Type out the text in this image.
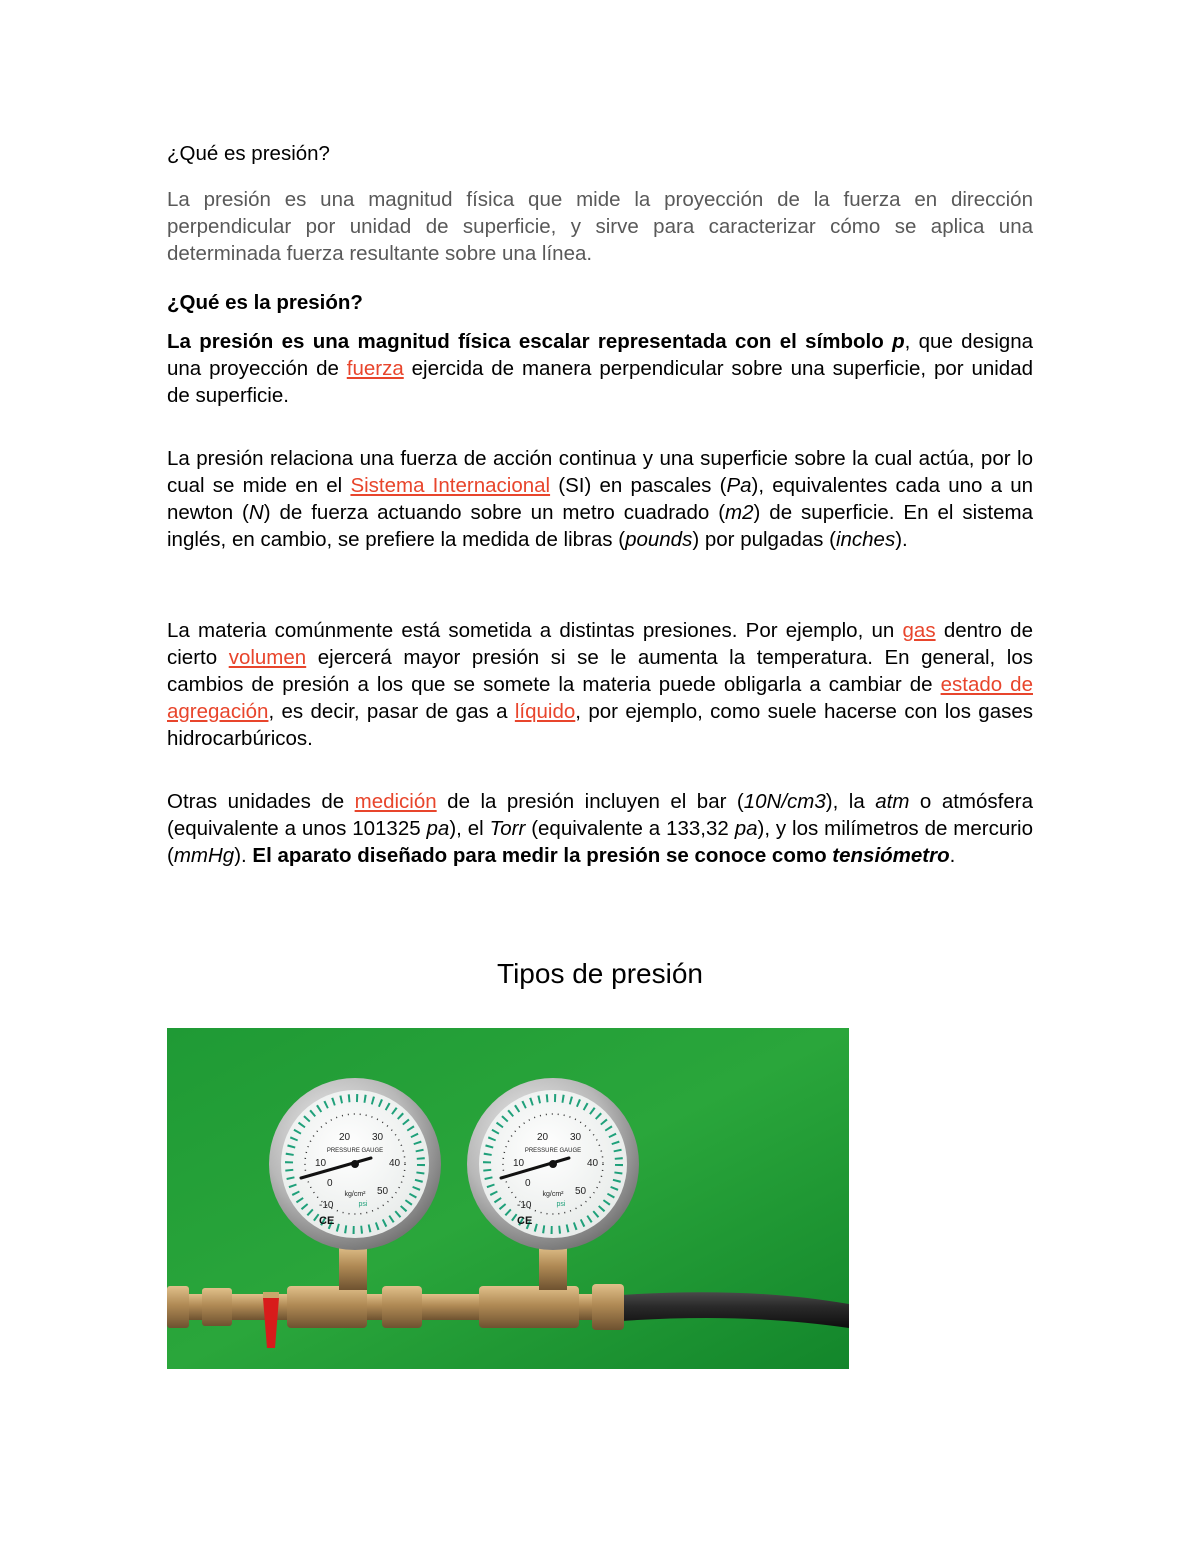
¿Qué es presión?

La presión es una magnitud física que mide la proyección de la fuerza en dirección perpendicular por unidad de superficie, y sirve para caracterizar cómo se aplica una determinada fuerza resultante sobre una línea.

¿Qué es la presión?

La presión es una magnitud física escalar representada con el símbolo p, que designa una proyección de fuerza ejercida de manera perpendicular sobre una superficie, por unidad de superficie.

La presión relaciona una fuerza de acción continua y una superficie sobre la cual actúa, por lo cual se mide en el Sistema Internacional (SI) en pascales (Pa), equivalentes cada uno a un newton (N) de fuerza actuando sobre un metro cuadrado (m2) de superficie. En el sistema inglés, en cambio, se prefiere la medida de libras (pounds) por pulgadas (inches).

La materia comúnmente está sometida a distintas presiones. Por ejemplo, un gas dentro de cierto volumen ejercerá mayor presión si se le aumenta la temperatura. En general, los cambios de presión a los que se somete la materia puede obligarla a cambiar de estado de agregación, es decir, pasar de gas a líquido, por ejemplo, como suele hacerse con los gases hidrocarbúricos.

Otras unidades de medición de la presión incluyen el bar (10N/cm3), la atm o atmósfera (equivalente a unos 101325 pa), el Torr (equivalente a 133,32 pa), y los milímetros de mercurio (mmHg). El aparato diseñado para medir la presión se conoce como tensiómetro.

Tipos de presión
-10
0
10
20 30
40
50
PRESSURE GAUGE
kg/cm²
psi
CE
-10
0
10
20 30
40
50
PRESSURE GAUGE
kg/cm²
psi
CE
